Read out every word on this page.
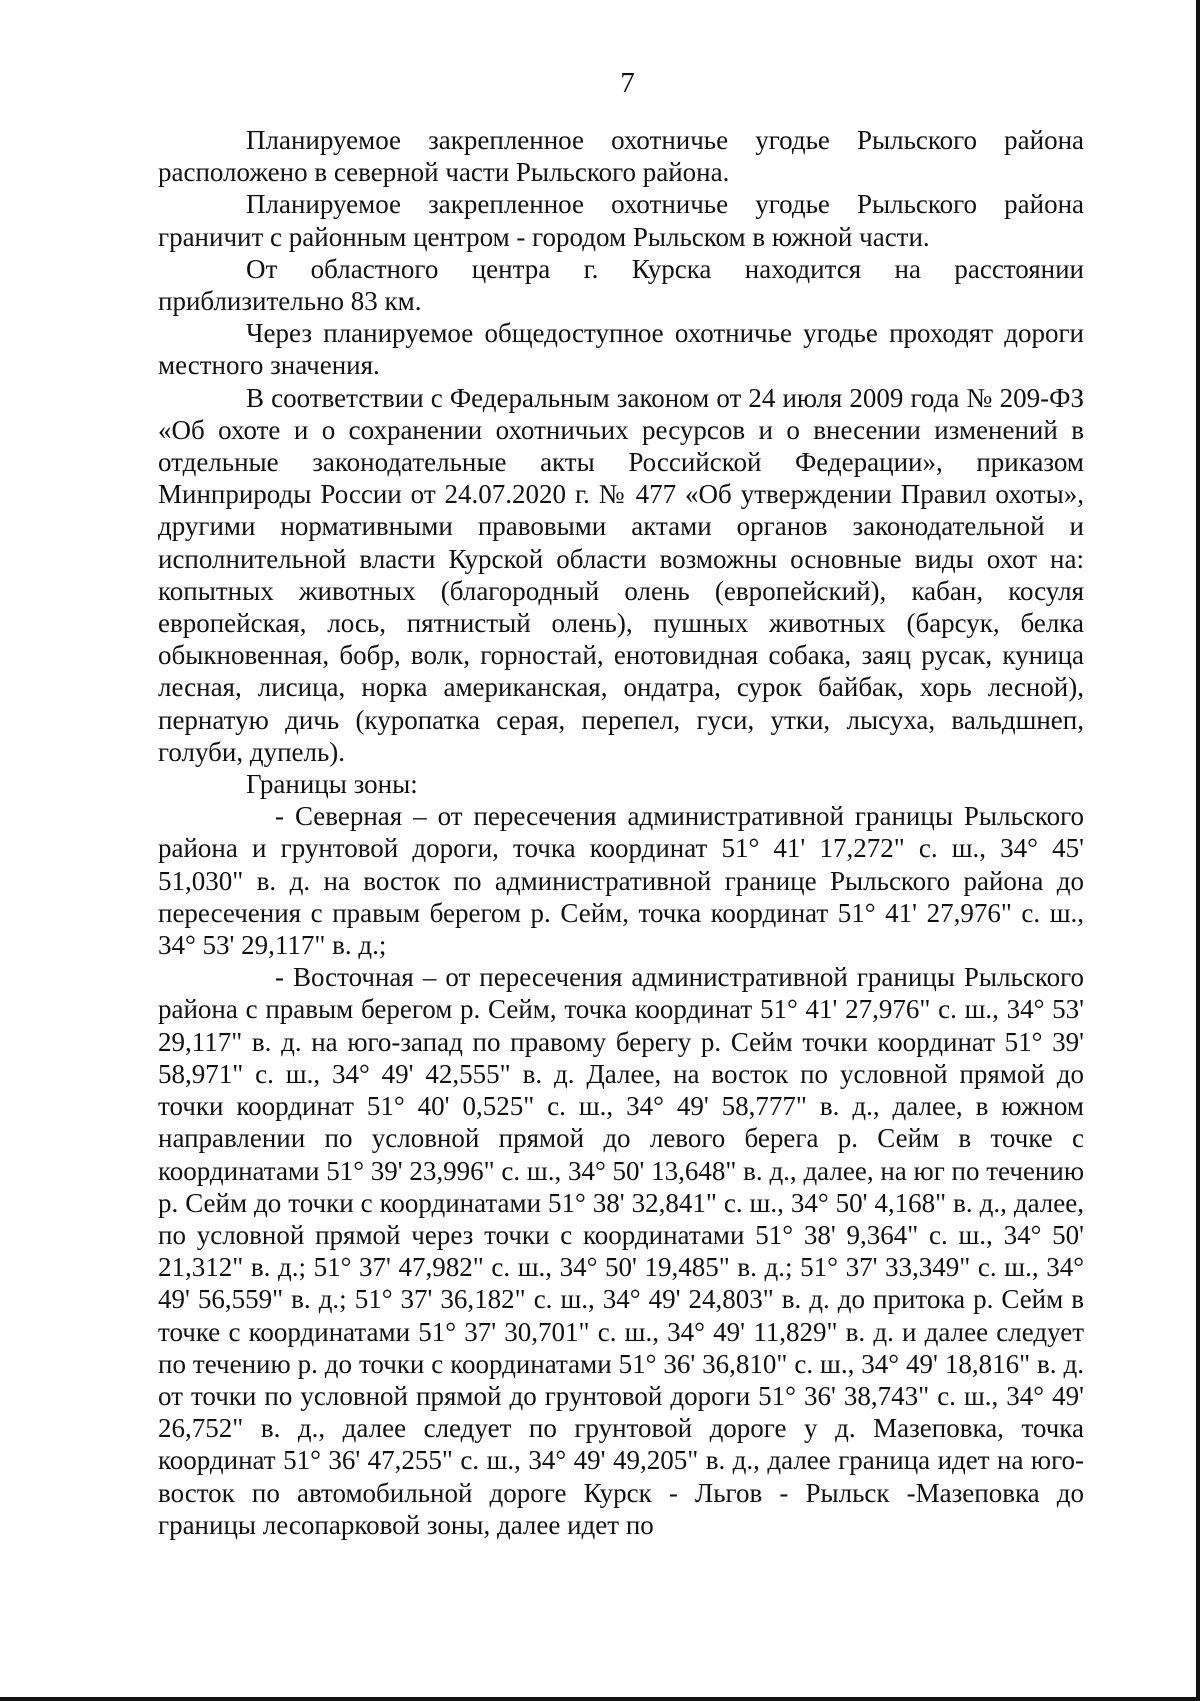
7

Планируемое закрепленное охотничье угодье Рыльского района расположено в северной части Рыльского района.

Планируемое закрепленное охотничье угодье Рыльского района граничит с районным центром - городом Рыльском в южной части.

От областного центра г. Курска находится на расстоянии приблизительно 83 км.

Через планируемое общедоступное охотничье угодье проходят дороги местного значения.

В соответствии с Федеральным законом от 24 июля 2009 года № 209-ФЗ «Об охоте и о сохранении охотничьих ресурсов и о внесении изменений в отдельные законодательные акты Российской Федерации», приказом Минприроды России от 24.07.2020 г. № 477 «Об утверждении Правил охоты», другими нормативными правовыми актами органов законодательной и исполнительной власти Курской области возможны основные виды охот на: копытных животных (благородный олень (европейский), кабан, косуля европейская, лось, пятнистый олень), пушных животных (барсук, белка обыкновенная, бобр, волк, горностай, енотовидная собака, заяц русак, куница лесная, лисица, норка американская, ондатра, сурок байбак, хорь лесной), пернатую дичь (куропатка серая, перепел, гуси, утки, лысуха, вальдшнеп, голуби, дупель).

Границы зоны:

- Северная – от пересечения административной границы Рыльского района и грунтовой дороги, точка координат 51° 41' 17,272" с. ш., 34° 45' 51,030" в. д. на восток по административной границе Рыльского района до пересечения с правым берегом р. Сейм, точка координат 51° 41' 27,976" с. ш., 34° 53' 29,117" в. д.;

- Восточная – от пересечения административной границы Рыльского района с правым берегом р. Сейм, точка координат 51° 41' 27,976" с. ш., 34° 53' 29,117" в. д. на юго-запад по правому берегу р. Сейм точки координат 51° 39' 58,971" с. ш., 34° 49' 42,555" в. д. Далее, на восток по условной прямой до точки координат 51° 40' 0,525" с. ш., 34° 49' 58,777" в. д., далее, в южном направлении по условной прямой до левого берега р. Сейм в точке с координатами 51° 39' 23,996" с. ш., 34° 50' 13,648" в. д., далее, на юг по течению р. Сейм до точки с координатами 51° 38' 32,841" с. ш., 34° 50' 4,168" в. д., далее, по условной прямой через точки с координатами 51° 38' 9,364" с. ш., 34° 50' 21,312" в. д.; 51° 37' 47,982" с. ш., 34° 50' 19,485" в. д.; 51° 37' 33,349" с. ш., 34° 49' 56,559" в. д.; 51° 37' 36,182" с. ш., 34° 49' 24,803" в. д. до притока р. Сейм в точке с координатами 51° 37' 30,701" с. ш., 34° 49' 11,829" в. д. и далее следует по течению р. до точки с координатами 51° 36' 36,810" с. ш., 34° 49' 18,816" в. д. от точки по условной прямой до грунтовой дороги 51° 36' 38,743" с. ш., 34° 49' 26,752" в. д., далее следует по грунтовой дороге у д. Мазеповка, точка координат 51° 36' 47,255" с. ш., 34° 49' 49,205" в. д., далее граница идет на юго-восток по автомобильной дороге Курск - Льгов - Рыльск -Мазеповка до границы лесопарковой зоны, далее идет по
